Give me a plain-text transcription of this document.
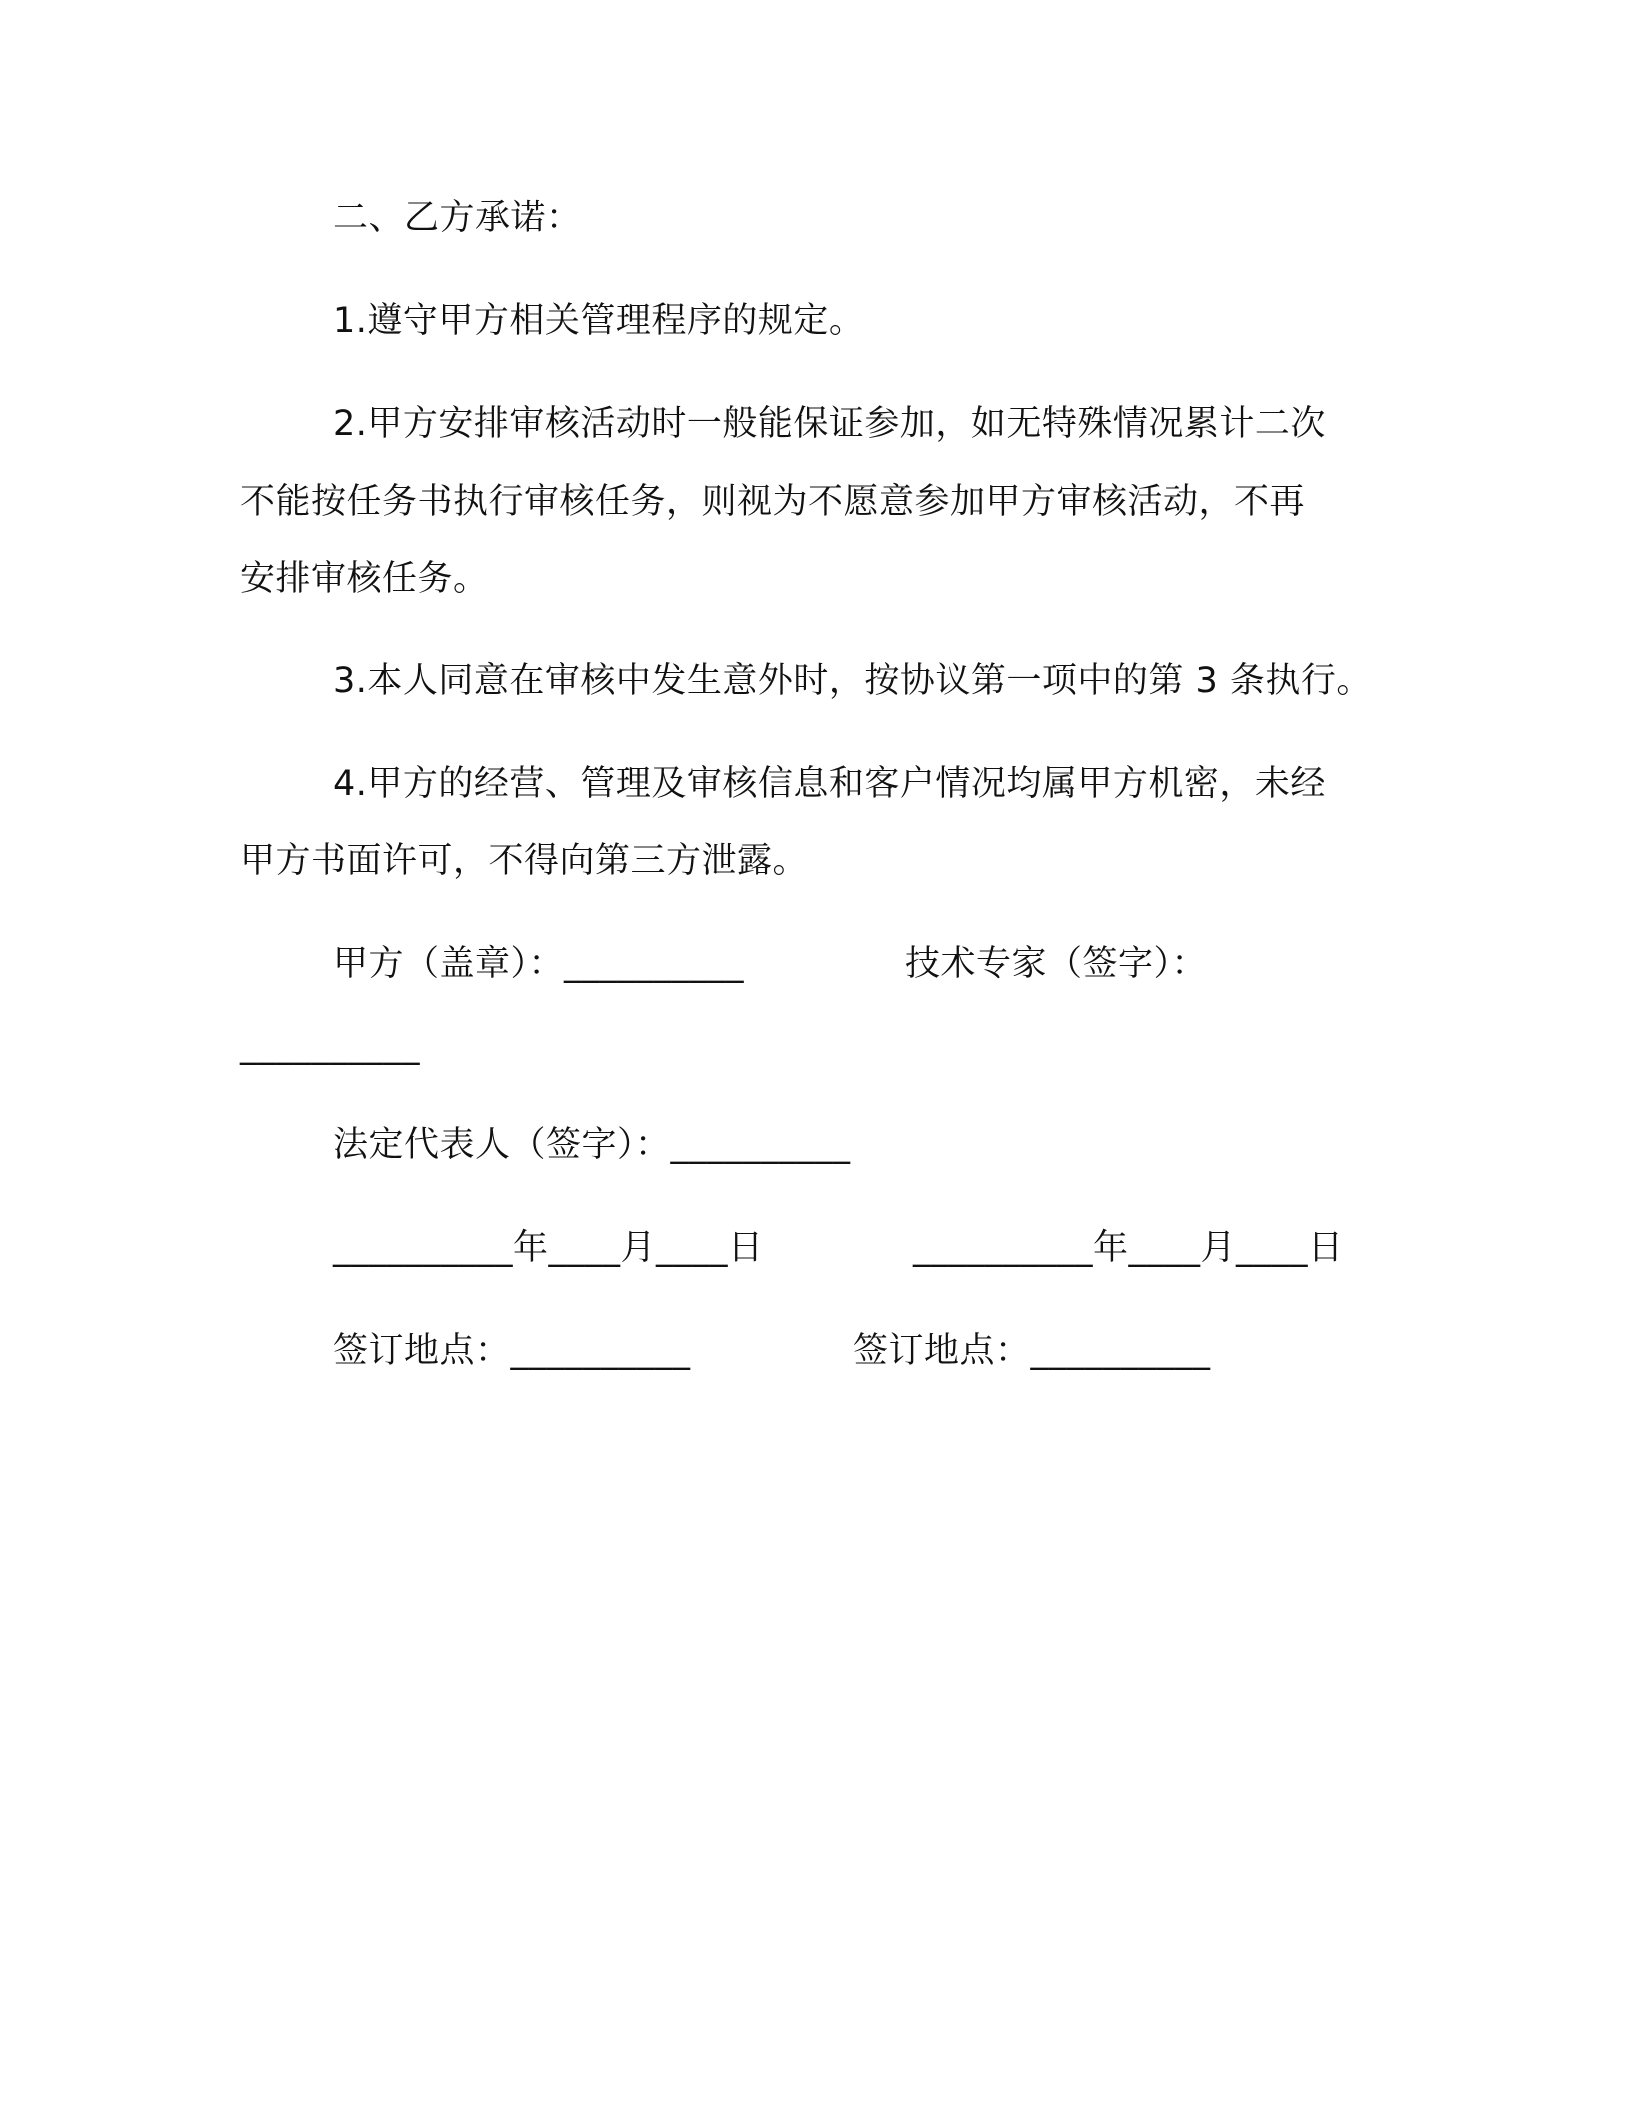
二、乙方承诺：
1.遵守甲方相关管理程序的规定。
2.甲方安排审核活动时一般能保证参加，如无特殊情况累计二次
不能按任务书执行审核任务，则视为不愿意参加甲方审核活动，不再
安排审核任务。
3.本人同意在审核中发生意外时，按协议第一项中的第 3 条执行。
4.甲方的经营、管理及审核信息和客户情况均属甲方机密，未经
甲方书面许可，不得向第三方泄露。
甲方（盖章）：__________	技术专家（签字）：
__________
法定代表人（签字）：__________
__________年____月____日	__________年____月____日
签订地点：__________	签订地点：__________
